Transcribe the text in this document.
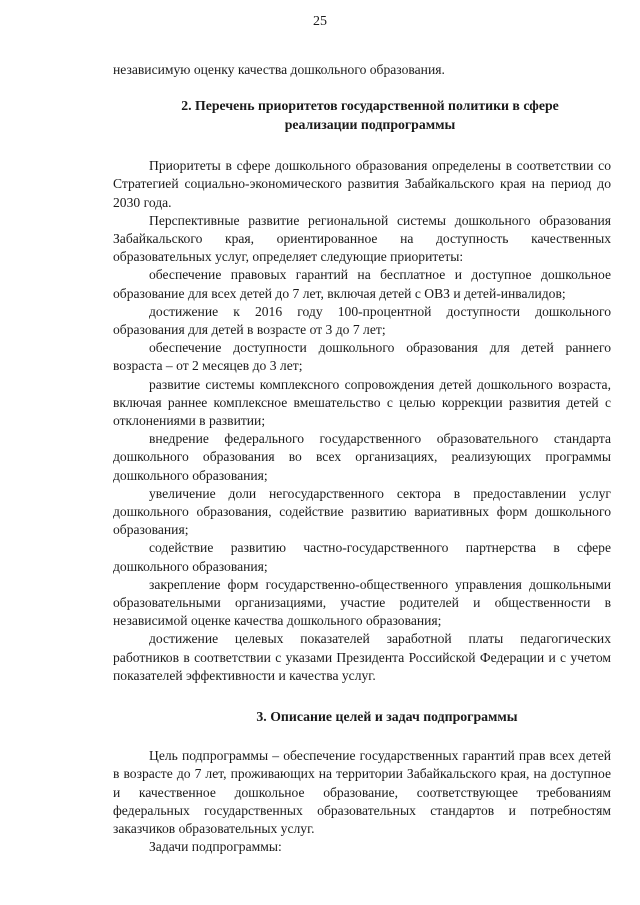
25

независимую оценку качества дошкольного образования.

2. Перечень приоритетов государственной политики в сфере реализации подпрограммы

Приоритеты в сфере дошкольного образования определены в соответствии со Стратегией социально-экономического развития Забайкальского края на период до 2030 года.

Перспективные развитие региональной системы дошкольного образования Забайкальского края, ориентированное на доступность качественных образовательных услуг, определяет следующие приоритеты:

обеспечение правовых гарантий на бесплатное и доступное дошкольное образование для всех детей до 7 лет, включая детей с ОВЗ и детей-инвалидов;

достижение к 2016 году 100-процентной доступности дошкольного образования для детей в возрасте от 3 до 7 лет;

обеспечение доступности дошкольного образования для детей раннего возраста – от 2 месяцев до 3 лет;

развитие системы комплексного сопровождения детей дошкольного возраста, включая раннее комплексное вмешательство с целью коррекции развития детей с отклонениями в развитии;

внедрение федерального государственного образовательного стандарта дошкольного образования во всех организациях, реализующих программы дошкольного образования;

увеличение доли негосударственного сектора в предоставлении услуг дошкольного образования, содействие развитию вариативных форм дошкольного образования;

содействие развитию частно-государственного партнерства в сфере дошкольного образования;

закрепление форм государственно-общественного управления дошкольными образовательными организациями, участие родителей и общественности в независимой оценке качества дошкольного образования;

достижение целевых показателей заработной платы педагогических работников в соответствии с указами Президента Российской Федерации и с учетом показателей эффективности и качества услуг.

3. Описание целей и задач подпрограммы

Цель подпрограммы – обеспечение государственных гарантий прав всех детей в возрасте до 7 лет, проживающих на территории Забайкальского края, на доступное и качественное дошкольное образование, соответствующее требованиям федеральных государственных образовательных стандартов и потребностям заказчиков образовательных услуг.

Задачи подпрограммы:
